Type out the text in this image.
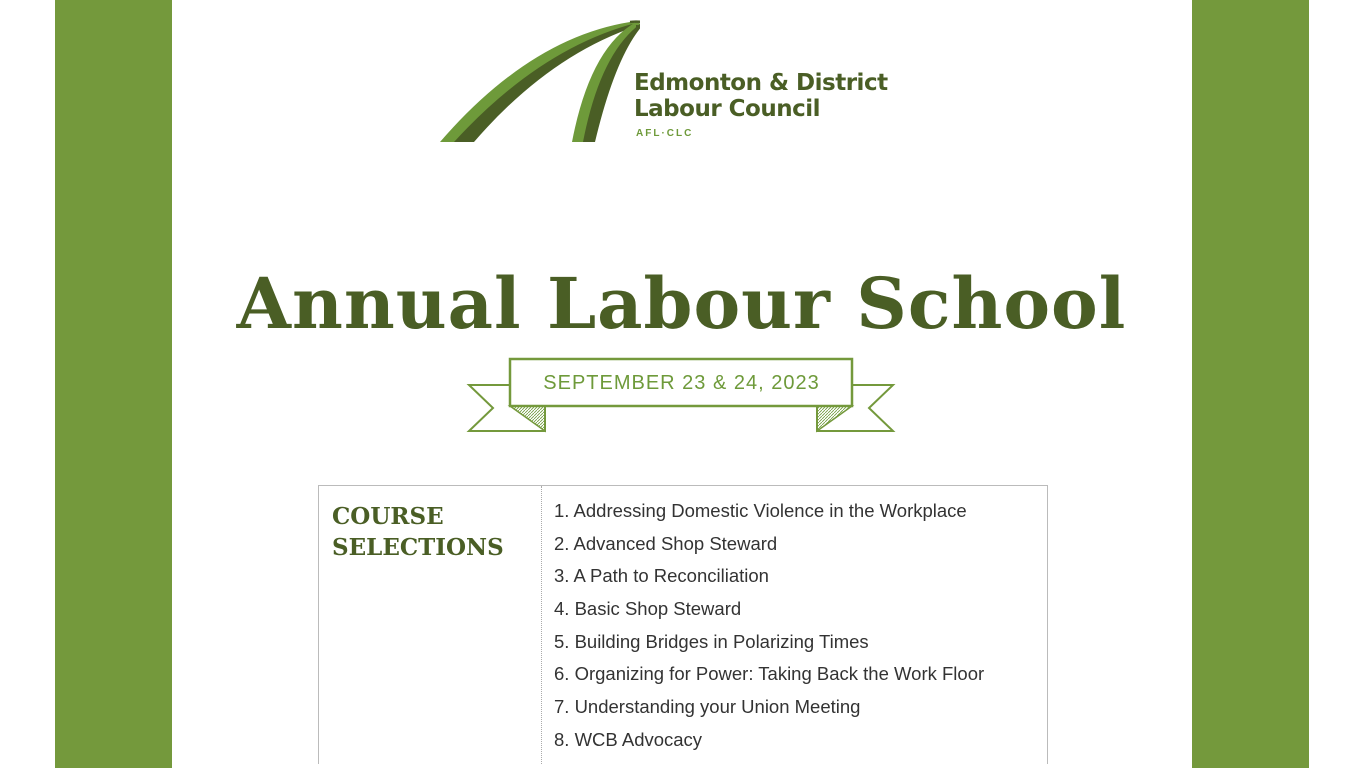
Edmonton & District
Labour Council
AFL·CLC
Annual Labour School
SEPTEMBER 23 & 24, 2023
COURSE
SELECTIONS
1. Addressing Domestic Violence in the Workplace
2. Advanced Shop Steward
3. A Path to Reconciliation
4. Basic Shop Steward
5. Building Bridges in Polarizing Times
6. Organizing for Power: Taking Back the Work Floor
7. Understanding your Union Meeting
8. WCB Advocacy
